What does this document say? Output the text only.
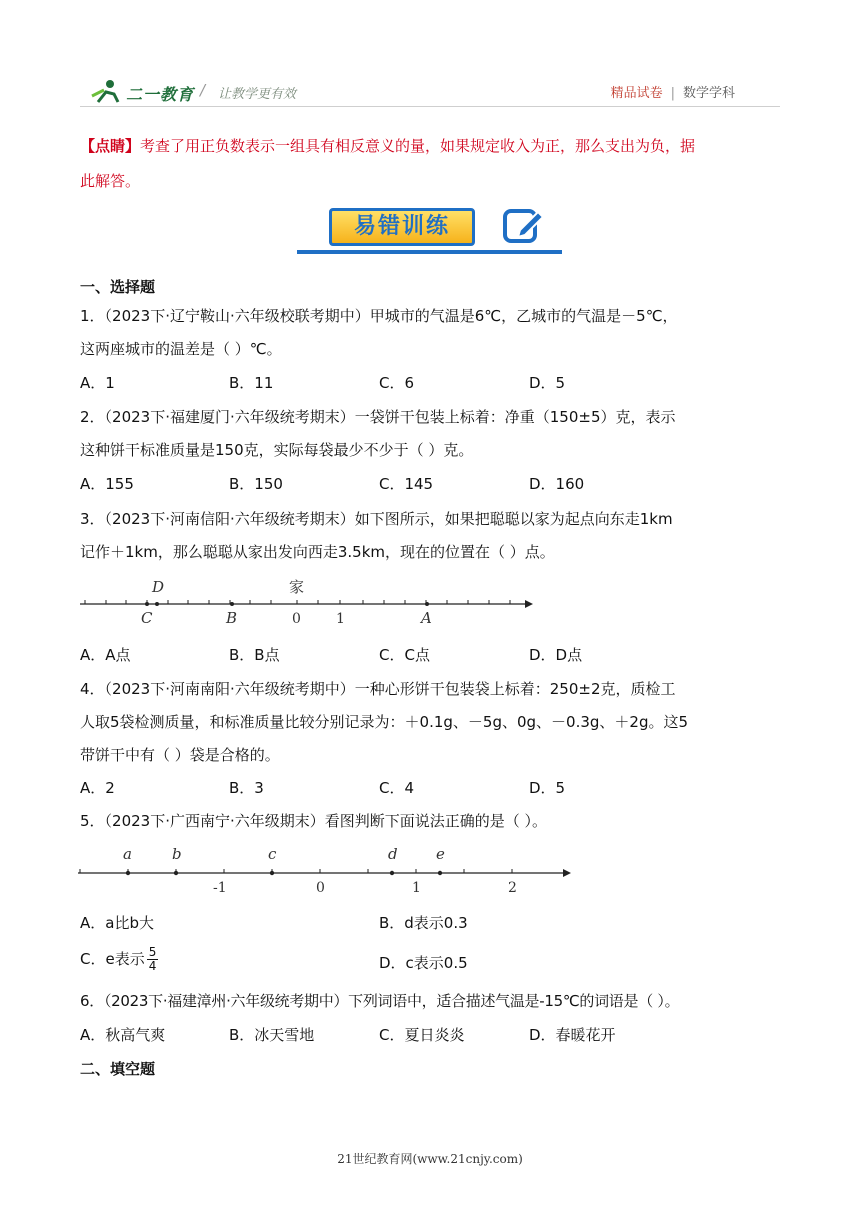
二一教育 / 让教学更有效	精品试卷 | 数学学科
【点睛】考查了用正负数表示一组具有相反意义的量，如果规定收入为正，那么支出为负，据
此解答。
易错训练
一、选择题
1．（2023下·辽宁鞍山·六年级校联考期中）甲城市的气温是6℃，乙城市的气温是－5℃，
这两座城市的温差是（ ）℃。
A．1	B．11	C．6	D．5
2．（2023下·福建厦门·六年级统考期末）一袋饼干包装上标着：净重（150±5）克，表示
这种饼干标准质量是150克，实际每袋最少不少于（ ）克。
A．155	B．150	C．145	D．160
3．（2023下·河南信阳·六年级统考期末）如下图所示，如果把聪聪以家为起点向东走1km
记作＋1km，那么聪聪从家出发向西走3.5km，现在的位置在（ ）点。
D	家
0	1
C	B	A
A．A点	B．B点	C．C点	D．D点
4．（2023下·河南南阳·六年级统考期中）一种心形饼干包装袋上标着：250±2克，质检工
人取5袋检测质量，和标准质量比较分别记录为：＋0.1g、－5g、0g、－0.3g、＋2g。这5
带饼干中有（ ）袋是合格的。
A．2	B．3	C．4	D．5
5．（2023下·广西南宁·六年级期末）看图判断下面说法正确的是（ ）。
a	b	c	d	e
-1	0	1	2
A．a比b大	B．d表示0.3
C．e表示 $\frac{5}{4}$	D．c表示0.5
6．（2023下·福建漳州·六年级统考期中）下列词语中，适合描述气温是-15℃的词语是（ ）。
A．秋高气爽	B．冰天雪地	C．夏日炎炎	D．春暖花开
二、填空题
21世纪教育网(www.21cnjy.com)
